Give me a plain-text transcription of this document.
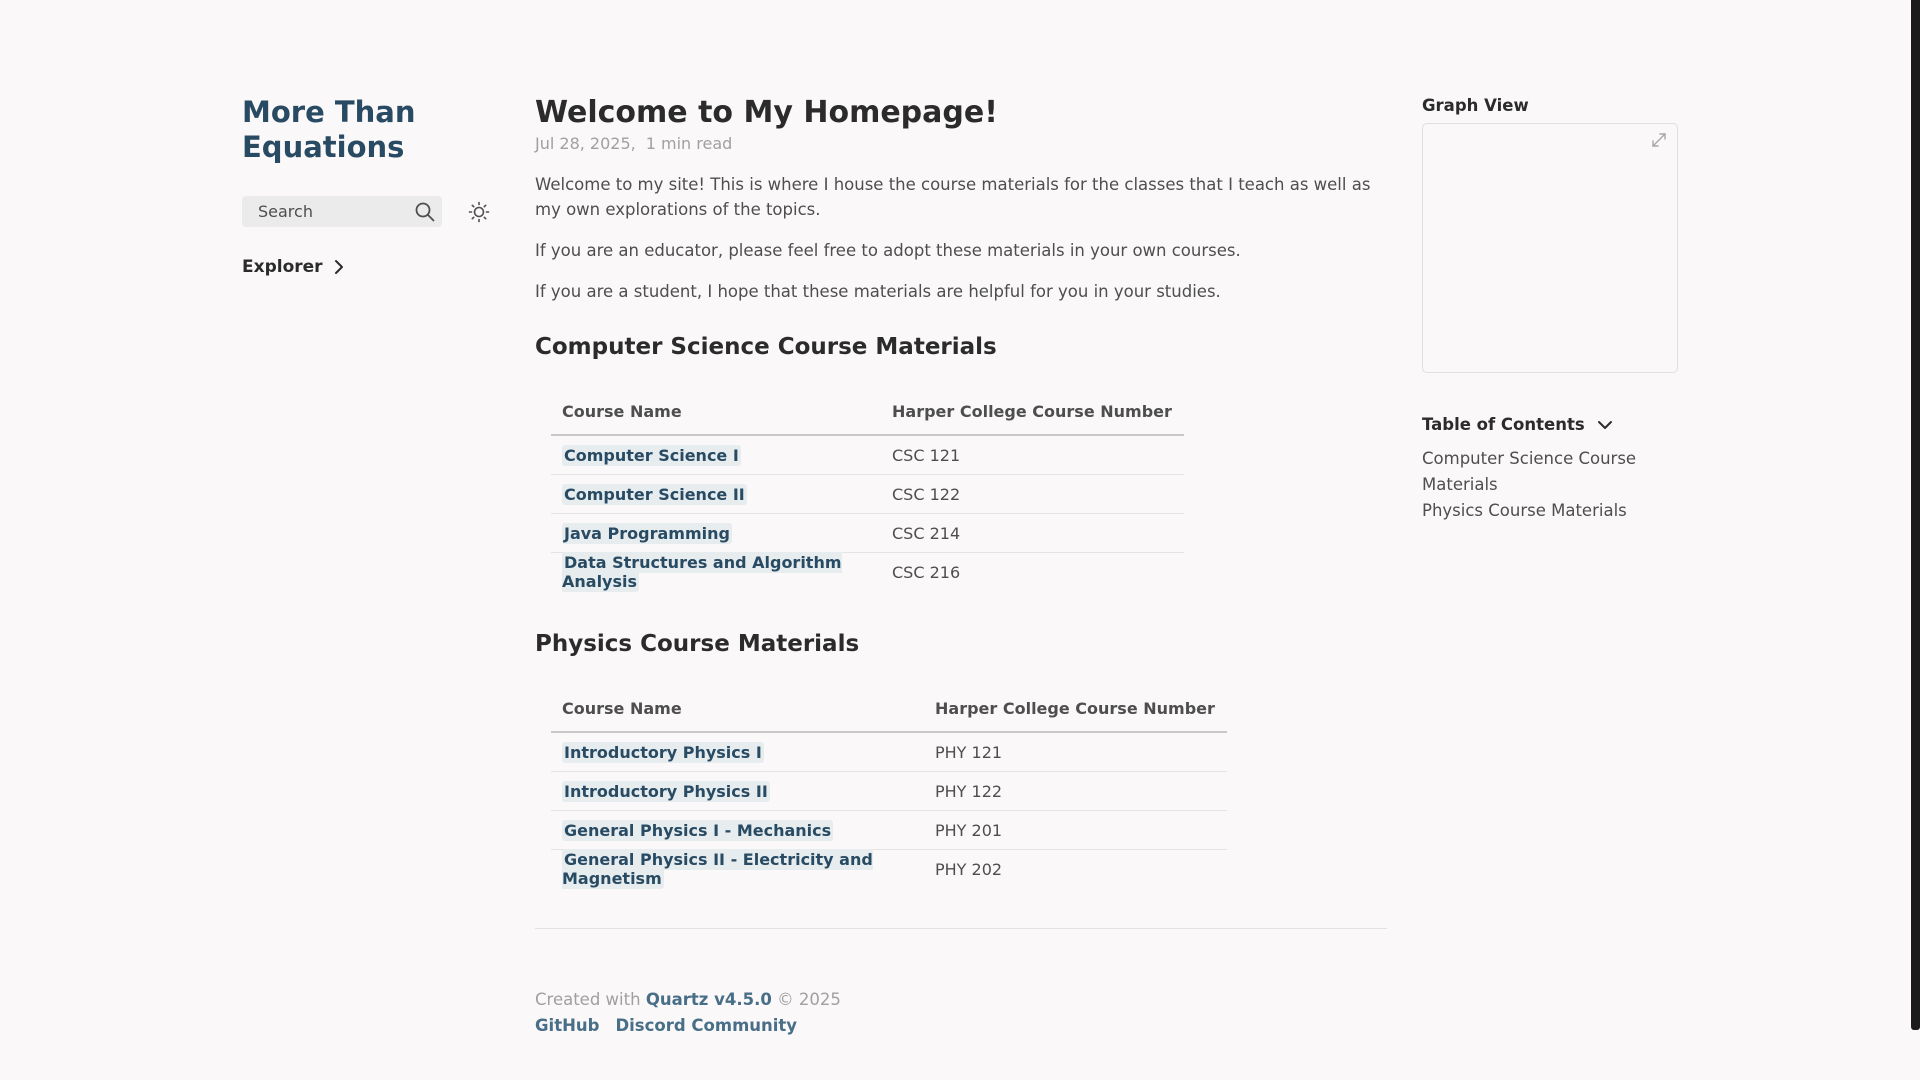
More Than
Equations
Search
Explorer
Welcome to My Homepage!
Jul 28, 2025, 1 min read

Welcome to my site! This is where I house the course materials for the classes that I teach as well as my own explorations of the topics.

If you are an educator, please feel free to adopt these materials in your own courses.

If you are a student, I hope that these materials are helpful for you in your studies.

Computer Science Course Materials
Course Name	Harper College Course Number
Computer Science I	CSC 121
Computer Science II	CSC 122
Java Programming	CSC 214
Data Structures and Algorithm Analysis	CSC 216
Physics Course Materials
Course Name	Harper College Course Number
Introductory Physics I	PHY 121
Introductory Physics II	PHY 122
General Physics I - Mechanics	PHY 201
General Physics II - Electricity and Magnetism	PHY 202
Created with Quartz v4.5.0 © 2025
GitHub Discord Community
Graph View
Table of Contents
Computer Science Course Materials
Physics Course Materials
